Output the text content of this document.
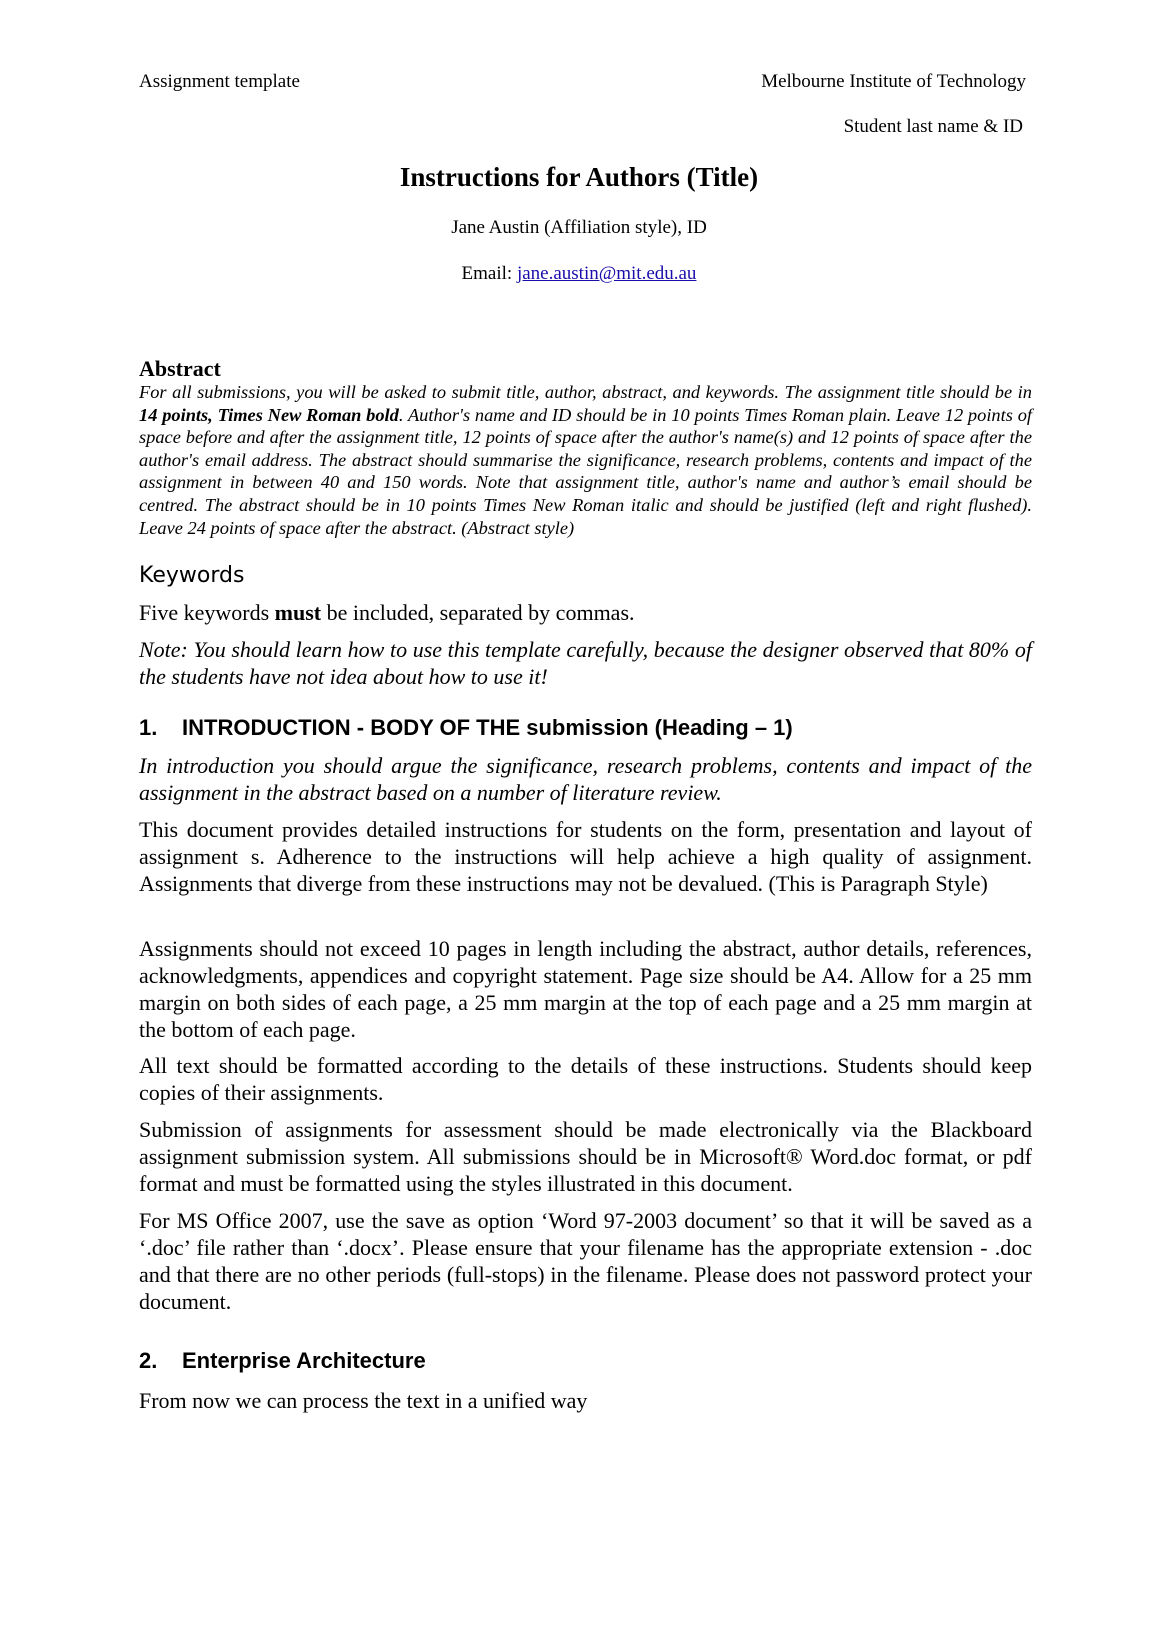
Assignment template	Melbourne Institute of Technology
Student last name & ID
Instructions for Authors (Title)
Jane Austin (Affiliation style), ID
Email: jane.austin@mit.edu.au
Abstract
For all submissions, you will be asked to submit title, author, abstract, and keywords. The assignment title should be in 14 points, Times New Roman bold. Author's name and ID should be in 10 points Times Roman plain. Leave 12 points of space before and after the assignment title, 12 points of space after the author's name(s) and 12 points of space after the author's email address. The abstract should summarise the significance, research problems, contents and impact of the assignment in between 40 and 150 words. Note that assignment title, author's name and author’s email should be centred. The abstract should be in 10 points Times New Roman italic and should be justified (left and right flushed). Leave 24 points of space after the abstract. (Abstract style)
Keywords
Five keywords must be included, separated by commas.
Note: You should learn how to use this template carefully, because the designer observed that 80% of the students have not idea about how to use it!
1. INTRODUCTION - BODY OF THE submission (Heading – 1)
In introduction you should argue the significance, research problems, contents and impact of the assignment in the abstract based on a number of literature review.
This document provides detailed instructions for students on the form, presentation and layout of assignment s. Adherence to the instructions will help achieve a high quality of assignment. Assignments that diverge from these instructions may not be devalued. (This is Paragraph Style)
Assignments should not exceed 10 pages in length including the abstract, author details, references, acknowledgments, appendices and copyright statement. Page size should be A4. Allow for a 25 mm margin on both sides of each page, a 25 mm margin at the top of each page and a 25 mm margin at the bottom of each page.
All text should be formatted according to the details of these instructions. Students should keep copies of their assignments.
Submission of assignments for assessment should be made electronically via the Blackboard assignment submission system. All submissions should be in Microsoft® Word.doc format, or pdf format and must be formatted using the styles illustrated in this document.
For MS Office 2007, use the save as option ‘Word 97-2003 document’ so that it will be saved as a ‘.doc’ file rather than ‘.docx’. Please ensure that your filename has the appropriate extension - .doc and that there are no other periods (full-stops) in the filename. Please does not password protect your document.
2. Enterprise Architecture
From now we can process the text in a unified way
